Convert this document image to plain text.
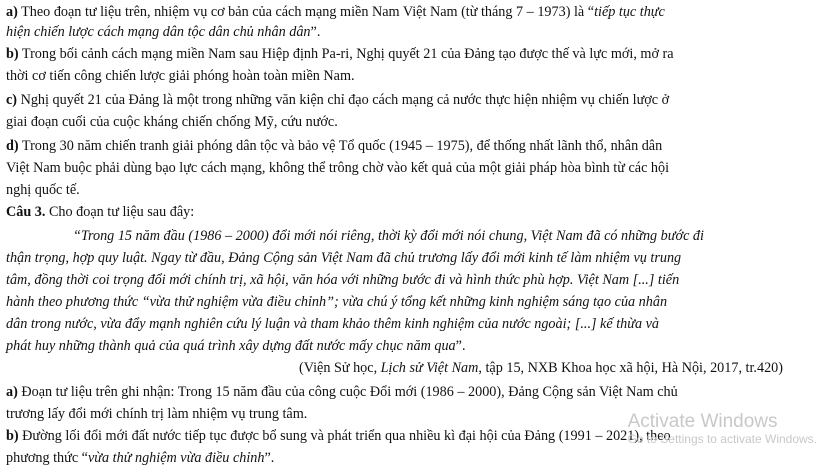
a) Theo đoạn tư liệu trên, nhiệm vụ cơ bản của cách mạng miền Nam Việt Nam (từ tháng 7 – 1973) là “tiếp tục thực
hiện chiến lược cách mạng dân tộc dân chủ nhân dân”.
b) Trong bối cảnh cách mạng miền Nam sau Hiệp định Pa-ri, Nghị quyết 21 của Đảng tạo được thế và lực mới, mở ra
thời cơ tiến công chiến lược giải phóng hoàn toàn miền Nam.
c) Nghị quyết 21 của Đảng là một trong những văn kiện chỉ đạo cách mạng cả nước thực hiện nhiệm vụ chiến lược ở
giai đoạn cuối của cuộc kháng chiến chống Mỹ, cứu nước.
d) Trong 30 năm chiến tranh giải phóng dân tộc và bảo vệ Tổ quốc (1945 – 1975), để thống nhất lãnh thổ, nhân dân
Việt Nam buộc phải dùng bạo lực cách mạng, không thể trông chờ vào kết quả của một giải pháp hòa bình từ các hội
nghị quốc tế.
Câu 3. Cho đoạn tư liệu sau đây:
“Trong 15 năm đầu (1986 – 2000) đổi mới nói riêng, thời kỳ đổi mới nói chung, Việt Nam đã có những bước đi
thận trọng, hợp quy luật. Ngay từ đầu, Đảng Cộng sản Việt Nam đã chủ trương lấy đổi mới kinh tế làm nhiệm vụ trung
tâm, đồng thời coi trọng đổi mới chính trị, xã hội, văn hóa với những bước đi và hình thức phù hợp. Việt Nam [...] tiến
hành theo phương thức “vừa thử nghiệm vừa điều chỉnh”; vừa chú ý tổng kết những kinh nghiệm sáng tạo của nhân
dân trong nước, vừa đẩy mạnh nghiên cứu lý luận và tham khảo thêm kinh nghiệm của nước ngoài; [...] kế thừa và
phát huy những thành quả của quá trình xây dựng đất nước mấy chục năm qua”.
(Viện Sử học, Lịch sử Việt Nam, tập 15, NXB Khoa học xã hội, Hà Nội, 2017, tr.420)
a) Đoạn tư liệu trên ghi nhận: Trong 15 năm đầu của công cuộc Đổi mới (1986 – 2000), Đảng Cộng sản Việt Nam chủ
trương lấy đổi mới chính trị làm nhiệm vụ trung tâm.
b) Đường lối đổi mới đất nước tiếp tục được bổ sung và phát triển qua nhiều kì đại hội của Đảng (1991 – 2021), theo
phương thức “vừa thử nghiệm vừa điều chỉnh”.
Activate Windows
Go to Settings to activate Windows.
